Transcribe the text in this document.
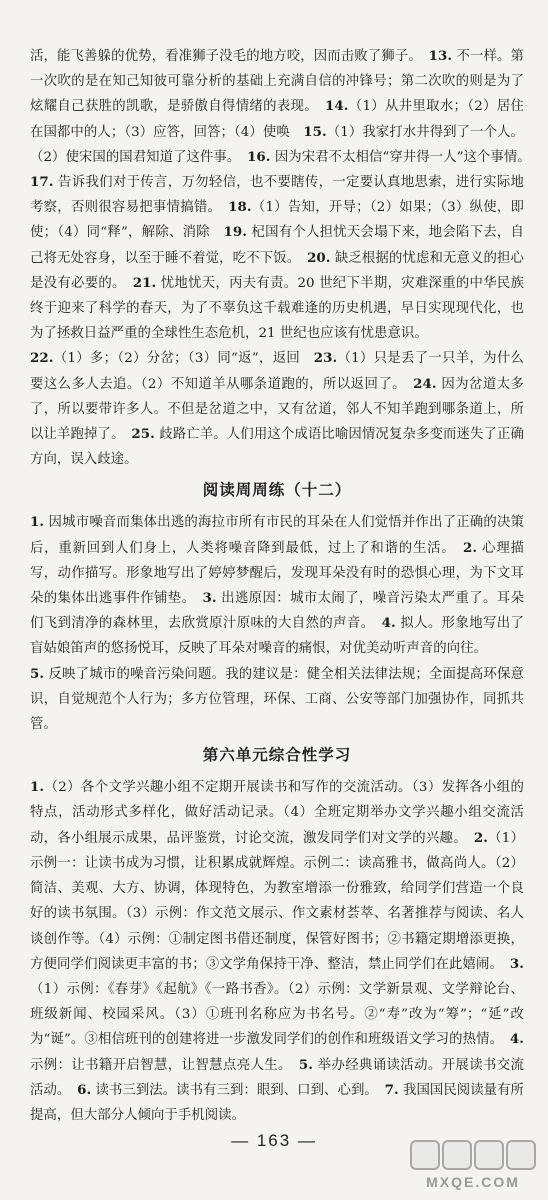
活，能飞善躲的优势，看准狮子没毛的地方咬，因而击败了狮子。　13. 不一样。第一次吹的是在知己知彼可靠分析的基础上充满自信的冲锋号；第二次吹的则是为了炫耀自己获胜的凯歌，是骄傲自得情绪的表现。　14.（1）从井里取水；（2）居住在国都中的人；（3）应答，回答；（4）使唤　15.（1）我家打水井得到了一个人。（2）使宋国的国君知道了这件事。　16. 因为宋君不太相信“穿井得一人”这个事情。　17. 告诉我们对于传言，万勿轻信，也不要瞎传，一定要认真地思索，进行实际地考察，否则很容易把事情搞错。　18.（1）告知，开导；（2）如果；（3）纵使，即使；（4）同“释”，解除、消除　19. 杞国有个人担忧天会塌下来，地会陷下去，自己将无处容身，以至于睡不着觉，吃不下饭。　20. 缺乏根据的忧虑和无意义的担心是没有必要的。　21. 忧地忧天，丙夫有责。20 世纪下半期，灾难深重的中华民族终于迎来了科学的春天，为了不辜负这千载难逢的历史机遇，早日实现现代化，也为了拯救日益严重的全球性生态危机，21 世纪也应该有忧患意识。

22.（1）多；（2）分岔；（3）同“返”，返回　23.（1）只是丢了一只羊，为什么要这么多人去追。（2）不知道羊从哪条道跑的，所以返回了。　24. 因为岔道太多了，所以要带许多人。不但是岔道之中，又有岔道，邻人不知羊跑到哪条道上，所以让羊跑掉了。　25. 歧路亡羊。人们用这个成语比喻因情况复杂多变而迷失了正确方向，误入歧途。

阅读周周练（十二）

1. 因城市噪音而集体出逃的海拉市所有市民的耳朵在人们觉悟并作出了正确的决策后，重新回到人们身上，人类将噪音降到最低，过上了和谐的生活。　2. 心理描写，动作描写。形象地写出了婷婷梦醒后，发现耳朵没有时的恐惧心理，为下文耳朵的集体出逃事件作铺垫。　3. 出逃原因：城市太闹了，噪音污染太严重了。耳朵们飞到清净的森林里，去欣赏原汁原味的大自然的声音。　4. 拟人。形象地写出了盲姑娘笛声的悠扬悦耳，反映了耳朵对噪音的痛恨，对优美动听声音的向往。

5. 反映了城市的噪音污染问题。我的建议是：健全相关法律法规；全面提高环保意识，自觉规范个人行为；多方位管理，环保、工商、公安等部门加强协作，同抓共管。

第六单元综合性学习

1.（2）各个文学兴趣小组不定期开展读书和写作的交流活动。（3）发挥各小组的特点，活动形式多样化，做好活动记录。（4）全班定期举办文学兴趣小组交流活动，各小组展示成果，品评鉴赏，讨论交流，激发同学们对文学的兴趣。　2.（1）示例一：让读书成为习惯，让积累成就辉煌。示例二：读高雅书，做高尚人。（2）简洁、美观、大方、协调，体现特色，为教室增添一份雅致，给同学们营造一个良好的读书氛围。（3）示例：作文范文展示、作文素材荟萃、名著推荐与阅读、名人谈创作等。（4）示例：①制定图书借还制度，保管好图书；②书籍定期增添更换，方便同学们阅读更丰富的书；③文学角保持干净、整洁，禁止同学们在此嬉闹。　3.（1）示例：《春芽》《起航》《一路书香》。（2）示例：文学新景观、文学辩论台、班级新闻、校园采风。（3）①班刊名称应为书名号。②“寿”改为“筹”；“延”改为“诞”。③相信班刊的创建将进一步激发同学们的创作和班级语文学习的热情。　4. 示例：让书籍开启智慧，让智慧点亮人生。　5. 举办经典诵读活动。开展读书交流活动。　6. 读书三到法。读书有三到：眼到、口到、心到。　7. 我国国民阅读量有所提高，但大部分人倾向于手机阅读。

— 163 —
MXQE.COM
